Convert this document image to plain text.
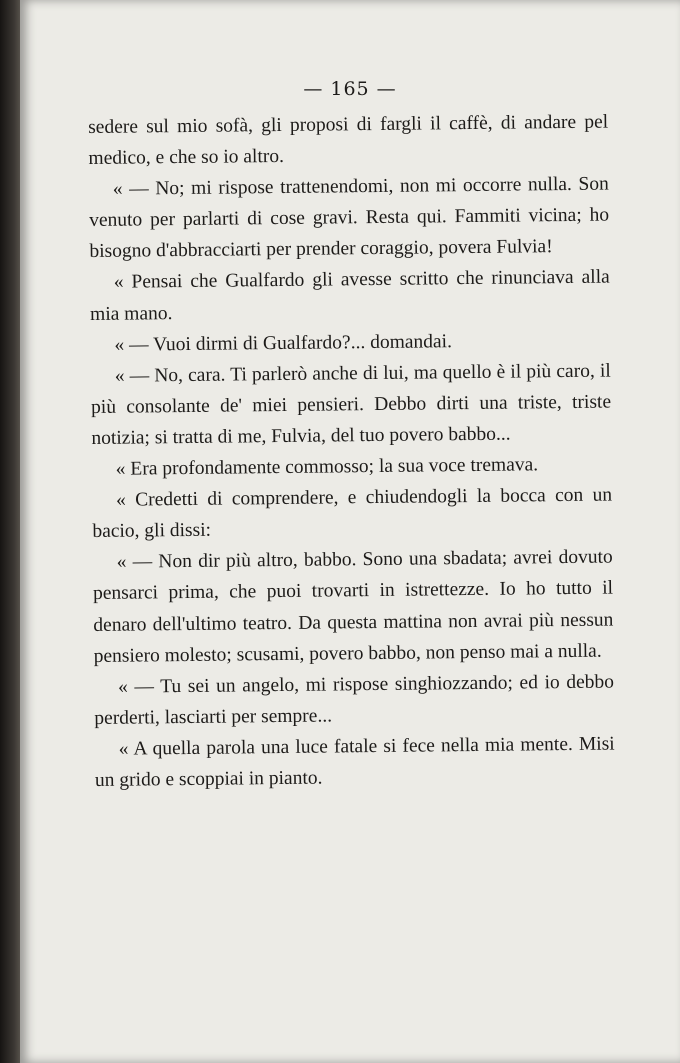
— 165 —

sedere sul mio sofà, gli proposi di fargli il caffè, di andare pel medico, e che so io altro.

« — No; mi rispose trattenendomi, non mi occorre nulla. Son venuto per parlarti di cose gravi. Resta qui. Fammiti vicina; ho bisogno d'abbracciarti per prender coraggio, povera Fulvia!

« Pensai che Gualfardo gli avesse scritto che rinunciava alla mia mano.

« — Vuoi dirmi di Gualfardo?... domandai.

« — No, cara. Ti parlerò anche di lui, ma quello è il più caro, il più consolante de' miei pensieri. Debbo dirti una triste, triste notizia; si tratta di me, Fulvia, del tuo povero babbo...

« Era profondamente commosso; la sua voce tremava.

« Credetti di comprendere, e chiudendogli la bocca con un bacio, gli dissi:

« — Non dir più altro, babbo. Sono una sbadata; avrei dovuto pensarci prima, che puoi trovarti in istrettezze. Io ho tutto il denaro dell'ultimo teatro. Da questa mattina non avrai più nessun pensiero molesto; scusami, povero babbo, non penso mai a nulla.

« — Tu sei un angelo, mi rispose singhiozzando; ed io debbo perderti, lasciarti per sempre...

« A quella parola una luce fatale si fece nella mia mente. Misi un grido e scoppiai in pianto.
